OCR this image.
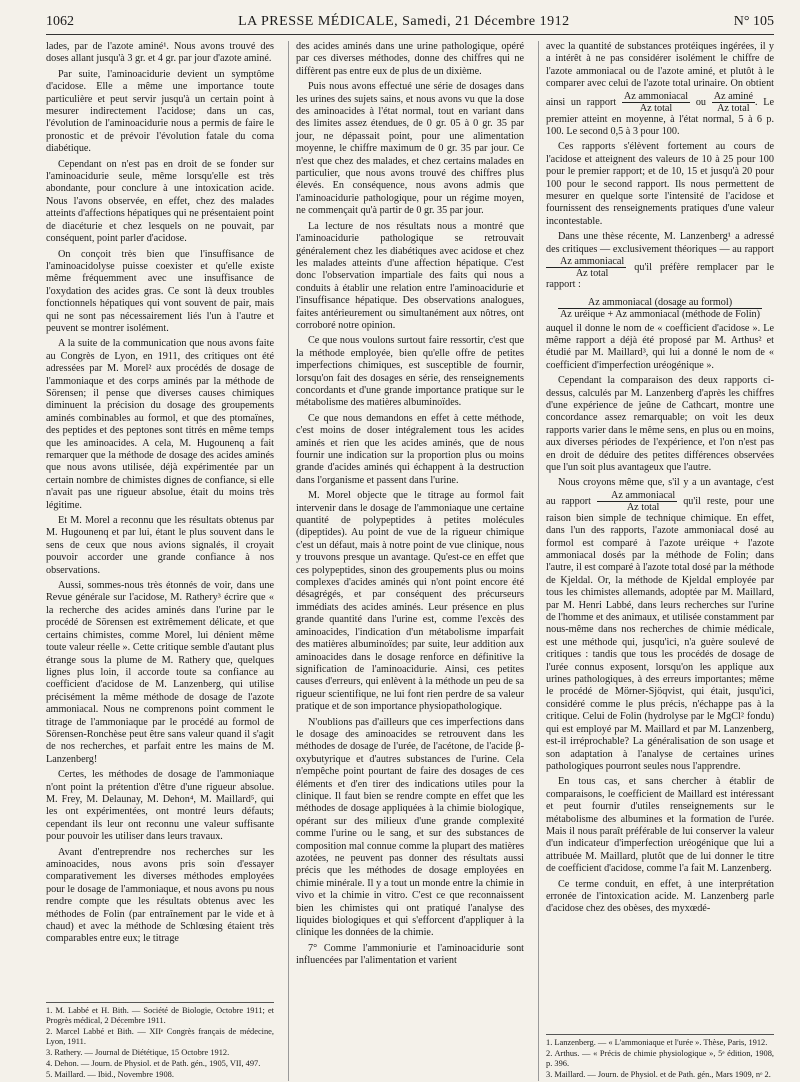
1062	LA PRESSE MÉDICALE, Samedi, 21 Décembre 1912	N° 105

lades, par de l'azote aminé¹. Nous avons trouvé des doses allant jusqu'à 3 gr. et 4 gr. par jour d'azote aminé.

Par suite, l'aminoacidurie devient un symptôme d'acidose. Elle a même une importance toute particulière et peut servir jusqu'à un certain point à mesurer indirectement l'acidose; dans un cas, l'évolution de l'aminoacidurie nous a permis de faire le pronostic et de prévoir l'évolution fatale du coma diabétique.

Cependant on n'est pas en droit de se fonder sur l'aminoacidurie seule, même lorsqu'elle est très abondante, pour conclure à une intoxication acide. Nous l'avons observée, en effet, chez des malades atteints d'affections hépatiques qui ne présentaient point de diacéturie et chez lesquels on ne pouvait, par conséquent, point parler d'acidose.

On conçoit très bien que l'insuffisance de l'aminoacidolyse puisse coexister et qu'elle existe même fréquemment avec une insuffisance de l'oxydation des acides gras. Ce sont là deux troubles fonctionnels hépatiques qui vont souvent de pair, mais qui ne sont pas nécessairement liés l'un à l'autre et peuvent se montrer isolément.

A la suite de la communication que nous avons faite au Congrès de Lyon, en 1911, des critiques ont été adressées par M. Morel² aux procédés de dosage de l'ammoniaque et des corps aminés par la méthode de Sörensen; il pense que diverses causes chimiques diminuent la précision du dosage des groupements aminés combinables au formol, et que des ptomaïnes, des peptides et des peptones sont titrés en même temps que les aminoacides. A cela, M. Hugounenq a fait remarquer que la méthode de dosage des acides aminés que nous avons utilisée, déjà expérimentée par un certain nombre de chimistes dignes de confiance, si elle n'avait pas une rigueur absolue, était du moins très légitime.

Et M. Morel a reconnu que les résultats obtenus par M. Hugounenq et par lui, étant le plus souvent dans le sens de ceux que nous avions signalés, il croyait pouvoir accorder une grande confiance à nos observations.

Aussi, sommes-nous très étonnés de voir, dans une Revue générale sur l'acidose, M. Rathery³ écrire que « la recherche des acides aminés dans l'urine par le procédé de Sörensen est extrêmement délicate, et que certains chimistes, comme Morel, lui dénient même toute valeur réelle ». Cette critique semble d'autant plus étrange sous la plume de M. Rathery que, quelques lignes plus loin, il accorde toute sa confiance au coefficient d'acidose de M. Lanzenberg, qui utilise précisément la même méthode de dosage de l'azote ammoniacal. Nous ne comprenons point comment le titrage de l'ammoniaque par le procédé au formol de Sörensen-Ronchèse peut être sans valeur quand il s'agit de nos recherches, et parfait entre les mains de M. Lanzenberg!

Certes, les méthodes de dosage de l'ammoniaque n'ont point la prétention d'être d'une rigueur absolue. M. Frey, M. Delaunay, M. Dehon⁴, M. Maillard⁵, qui les ont expérimentées, ont montré leurs défauts; cependant ils leur ont reconnu une valeur suffisante pour pouvoir les utiliser dans leurs travaux.

Avant d'entreprendre nos recherches sur les aminoacides, nous avons pris soin d'essayer comparativement les diverses méthodes employées pour le dosage de l'ammoniaque, et nous avons pu nous rendre compte que les résultats obtenus avec les méthodes de Folin (par entraînement par le vide et à chaud) et avec la méthode de Schlœsing étaient très comparables entre eux; le titrage

1. M. Labbé et H. Bith. — Société de Biologie, Octobre 1911; et Progrès médical, 2 Décembre 1911.
2. Marcel Labbé et Bith. — XIIᵉ Congrès français de médecine, Lyon, 1911.
3. Rathery. — Journal de Diététique, 15 Octobre 1912.
4. Dehon. — Journ. de Physiol. et de Path. gén., 1905, VII, 497.
5. Maillard. — Ibid., Novembre 1908.

des acides aminés dans une urine pathologique, opéré par ces diverses méthodes, donne des chiffres qui ne diffèrent pas entre eux de plus de un dixième.

Puis nous avons effectué une série de dosages dans les urines des sujets sains, et nous avons vu que la dose des aminoacides à l'état normal, tout en variant dans des limites assez étendues, de 0 gr. 05 à 0 gr. 35 par jour, ne dépassait point, pour une alimentation moyenne, le chiffre maximum de 0 gr. 35 par jour. Ce n'est que chez des malades, et chez certains malades en particulier, que nous avons trouvé des chiffres plus élevés. En conséquence, nous avons admis que l'aminoacidurie pathologique, pour un régime moyen, ne commençait qu'à partir de 0 gr. 35 par jour.

La lecture de nos résultats nous a montré que l'aminoacidurie pathologique se retrouvait généralement chez les diabétiques avec acidose et chez les malades atteints d'une affection hépatique. C'est donc l'observation impartiale des faits qui nous a conduits à établir une relation entre l'aminoacidurie et l'insuffisance hépatique. Des observations analogues, faites antérieurement ou simultanément aux nôtres, ont corroboré notre opinion.

Ce que nous voulons surtout faire ressortir, c'est que la méthode employée, bien qu'elle offre de petites imperfections chimiques, est susceptible de fournir, lorsqu'on fait des dosages en série, des renseignements concordants et d'une grande importance pratique sur le métabolisme des matières albuminoïdes.

Ce que nous demandons en effet à cette méthode, c'est moins de doser intégralement tous les acides aminés et rien que les acides aminés, que de nous fournir une indication sur la proportion plus ou moins grande d'acides aminés qui échappent à la destruction dans l'organisme et passent dans l'urine.

M. Morel objecte que le titrage au formol fait intervenir dans le dosage de l'ammoniaque une certaine quantité de polypeptides à petites molécules (dipeptides). Au point de vue de la rigueur chimique c'est un défaut, mais à notre point de vue clinique, nous y trouvons presque un avantage. Qu'est-ce en effet que ces polypeptides, sinon des groupements plus ou moins complexes d'acides aminés qui n'ont point encore été désagrégés, et par conséquent des précurseurs immédiats des acides aminés. Leur présence en plus grande quantité dans l'urine est, comme l'excès des aminoacides, l'indication d'un métabolisme imparfait des matières albuminoïdes; par suite, leur addition aux aminoacides dans le dosage renforce en définitive la signification de l'aminoacidurie. Ainsi, ces petites causes d'erreurs, qui enlèvent à la méthode un peu de sa rigueur scientifique, ne lui font rien perdre de sa valeur pratique et de son importance physiopathologique.

N'oublions pas d'ailleurs que ces imperfections dans le dosage des aminoacides se retrouvent dans les méthodes de dosage de l'urée, de l'acétone, de l'acide β-oxybutyrique et d'autres substances de l'urine. Cela n'empêche point pourtant de faire des dosages de ces éléments et d'en tirer des indications utiles pour la clinique. Il faut bien se rendre compte en effet que les méthodes de dosage appliquées à la chimie biologique, opérant sur des milieux d'une grande complexité comme l'urine ou le sang, et sur des substances de composition mal connue comme la plupart des matières azotées, ne peuvent pas donner des résultats aussi précis que les méthodes de dosage employées en chimie minérale. Il y a tout un monde entre la chimie in vivo et la chimie in vitro. C'est ce que reconnaissent bien les chimistes qui ont pratiqué l'analyse des liquides biologiques et qui s'efforcent d'appliquer à la clinique les données de la chimie.

7° Comme l'ammoniurie et l'aminoacidurie sont influencées par l'alimentation et varient

avec la quantité de substances protéiques ingérées, il y a intérêt à ne pas considérer isolément le chiffre de l'azote ammoniacal ou de l'azote aminé, et plutôt à le comparer avec celui de l'azote total urinaire. On obtient ainsi un rapport $\frac{\text{Az ammoniacal}}{\text{Az total}}$ ou $\frac{\text{Az aminé}}{\text{Az total}}$ . Le premier atteint en moyenne, à l'état normal, 5 à 6 p. 100. Le second 0,5 à 3 pour 100.

Ces rapports s'élèvent fortement au cours de l'acidose et atteignent des valeurs de 10 à 25 pour 100 pour le premier rapport; et de 10, 15 et jusqu'à 20 pour 100 pour le second rapport. Ils nous permettent de mesurer en quelque sorte l'intensité de l'acidose et fournissent des renseignements pratiques d'une valeur incontestable.

Dans une thèse récente, M. Lanzenberg¹ a adressé des critiques — exclusivement théoriques — au rapport
$\frac{\text{Az ammoniacal}}{\text{Az total}} qu'il$ préfère remplacer par le rapport :

$\frac{\text{Az ammoniacal (dosage au formol)}}{\text{Az uréique + Az ammoniacal (méthode de Folin)}}$

auquel il donne le nom de « coefficient d'acidose ». Le même rapport a déjà été proposé par M. Arthus² et étudié par M. Maillard³, qui lui a donné le nom de « coefficient d'imperfection uréogénique ».

Cependant la comparaison des deux rapports ci-dessus, calculés par M. Lanzenberg d'après les chiffres d'une expérience de jeûne de Cathcart, montre une concordance assez remarquable; on voit les deux rapports varier dans le même sens, en plus ou en moins, aux diverses périodes de l'expérience, et l'on n'est pas en droit de déduire des petites différences observées que l'un soit plus avantageux que l'autre.

Nous croyons même que, s'il y a un avantage, c'est au rapport $\frac{\text{Az ammoniacal}}{\text{Az total}} qu'il$ reste, pour une raison bien simple de technique chimique. En effet, dans l'un des rapports, l'azote ammoniacal dosé au formol est comparé à l'azote uréique + l'azote ammoniacal dosés par la méthode de Folin; dans l'autre, il est comparé à l'azote total dosé par la méthode de Kjeldal. Or, la méthode de Kjeldal employée par tous les chimistes allemands, adoptée par M. Maillard, par M. Henri Labbé, dans leurs recherches sur l'urine de l'homme et des animaux, et utilisée constamment par nous-même dans nos recherches de chimie médicale, est une méthode qui, jusqu'ici, n'a guère soulevé de critiques : tandis que tous les procédés de dosage de l'urée connus exposent, lorsqu'on les applique aux urines pathologiques, à des erreurs importantes; même le procédé de Mörner-Sjöqvist, qui était, jusqu'ici, considéré comme le plus précis, n'échappe pas à la critique. Celui de Folin (hydrolyse par le MgCl² fondu) qui est employé par M. Maillard et par M. Lanzenberg, est-il irréprochable? La généralisation de son usage et son adaptation à l'analyse de certaines urines pathologiques pourront seules nous l'apprendre.

En tous cas, et sans chercher à établir de comparaisons, le coefficient de Maillard est intéressant et peut fournir d'utiles renseignements sur le métabolisme des albumines et la formation de l'urée. Mais il nous paraît préférable de lui conserver la valeur d'un indicateur d'imperfection uréogénique que lui a attribuée M. Maillard, plutôt que de lui donner le titre de coefficient d'acidose, comme l'a fait M. Lanzenberg.

Ce terme conduit, en effet, à une interprétation erronée de l'intoxication acide. M. Lanzenberg parle d'acidose chez des obèses, des myxœdé-

1. Lanzenberg. — « L'ammoniaque et l'urée ». Thèse, Paris, 1912.
2. Arthus. — « Précis de chimie physiologique », 5ᵉ édition, 1908, p. 396.
3. Maillard. — Journ. de Physiol. et de Path. gén., Mars 1909, nᵒ 2.
